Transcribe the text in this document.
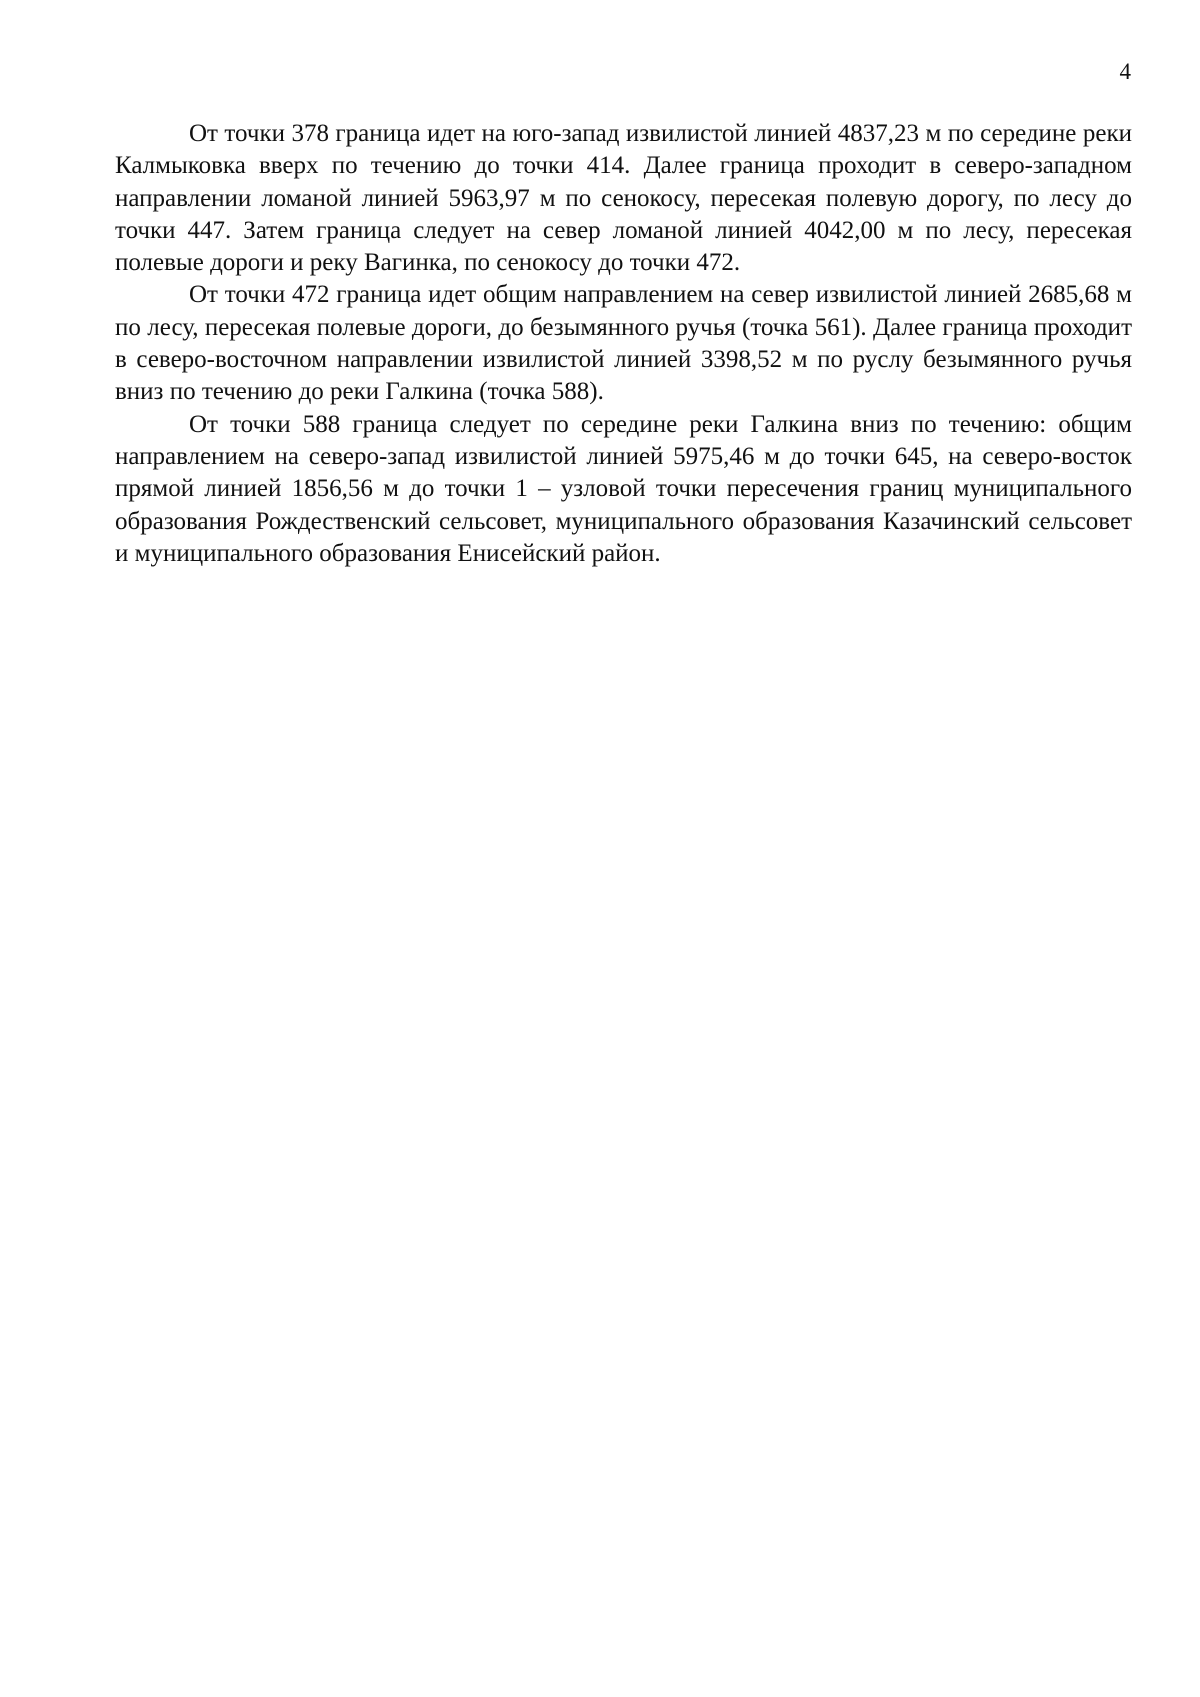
4

От точки 378 граница идет на юго-запад извилистой линией 4837,23 м по середине реки Калмыковка вверх по течению до точки 414. Далее граница проходит в северо-западном направлении ломаной линией 5963,97 м по сенокосу, пересекая полевую дорогу, по лесу до точки 447. Затем граница следует на север ломаной линией 4042,00 м по лесу, пересекая полевые дороги и реку Вагинка, по сенокосу до точки 472.

От точки 472 граница идет общим направлением на север извилистой линией 2685,68 м по лесу, пересекая полевые дороги, до безымянного ручья (точка 561). Далее граница проходит в северо-восточном направлении извилистой линией 3398,52 м по руслу безымянного ручья вниз по течению до реки Галкина (точка 588).

От точки 588 граница следует по середине реки Галкина вниз по течению: общим направлением на северо-запад извилистой линией 5975,46 м до точки 645, на северо-восток прямой линией 1856,56 м до точки 1 – узловой точки пересечения границ муниципального образования Рождественский сельсовет, муниципального образования Казачинский сельсовет и муниципального образования Енисейский район.
